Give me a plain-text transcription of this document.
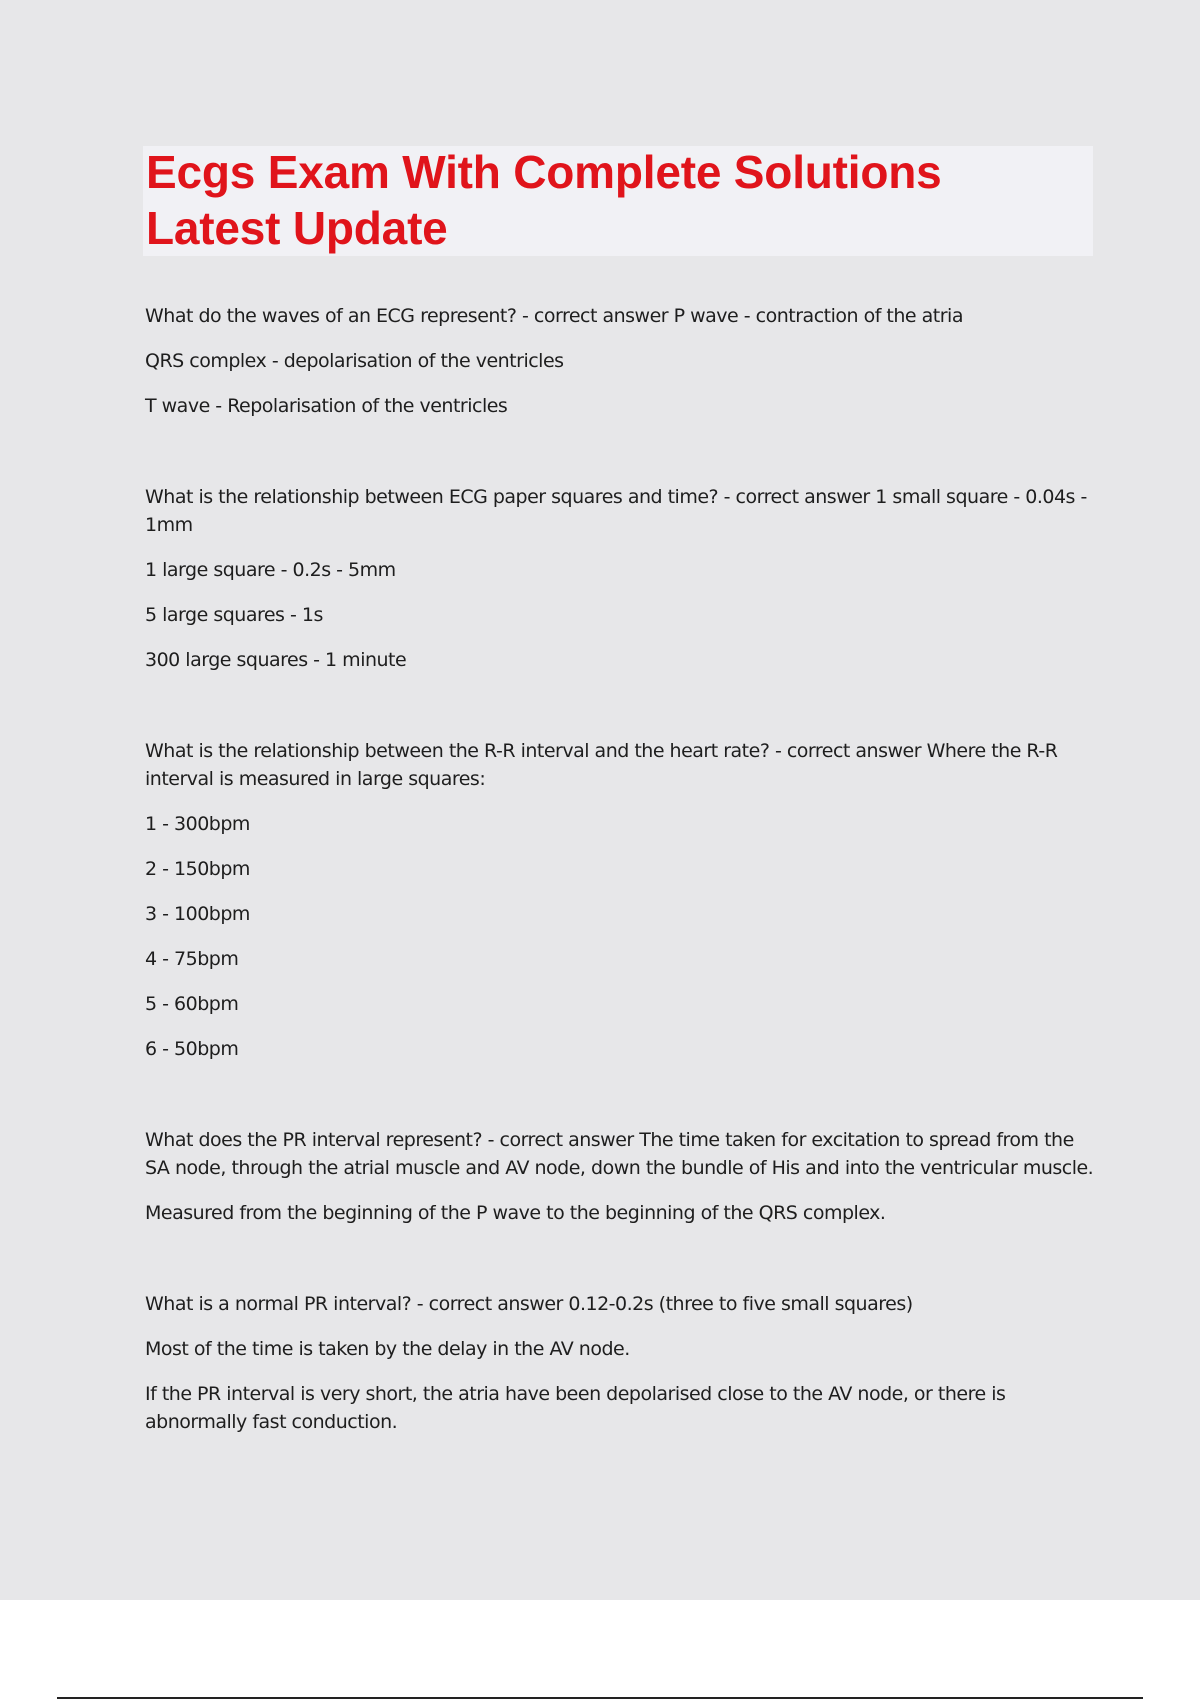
Ecgs Exam With Complete Solutions
Latest Update

What do the waves of an ECG represent? - correct answer P wave - contraction of the atria

QRS complex - depolarisation of the ventricles

T wave - Repolarisation of the ventricles

What is the relationship between ECG paper squares and time? - correct answer 1 small square - 0.04s - 1mm

1 large square - 0.2s - 5mm

5 large squares - 1s

300 large squares - 1 minute

What is the relationship between the R-R interval and the heart rate? - correct answer Where the R-R interval is measured in large squares:

1 - 300bpm

2 - 150bpm

3 - 100bpm

4 - 75bpm

5 - 60bpm

6 - 50bpm

What does the PR interval represent? - correct answer The time taken for excitation to spread from the SA node, through the atrial muscle and AV node, down the bundle of His and into the ventricular muscle.

Measured from the beginning of the P wave to the beginning of the QRS complex.

What is a normal PR interval? - correct answer 0.12-0.2s (three to five small squares)

Most of the time is taken by the delay in the AV node.

If the PR interval is very short, the atria have been depolarised close to the AV node, or there is abnormally fast conduction.
